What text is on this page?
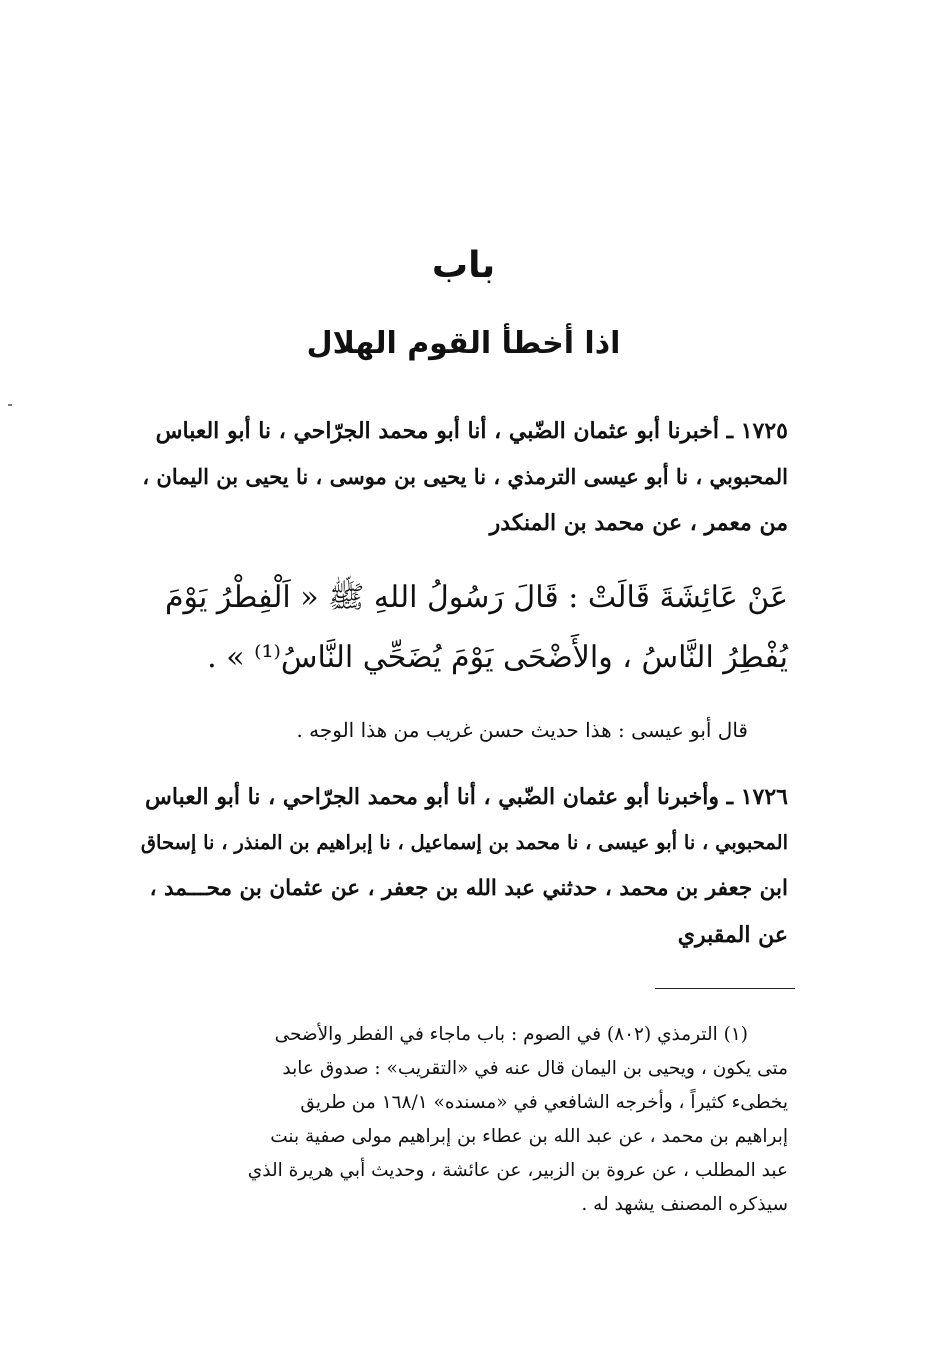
باب
اذا أخطأ القوم الهلال
١٧٢٥ ـ أخبرنا أبو عثمان الضّبي ، أنا أبو محمد الجرّاحي ، نا أبو العباس
المحبوبي ، نا أبو عيسى الترمذي ، نا يحيى بن موسى ، نا يحيى بن اليمان ،
من معمر ، عن محمد بن المنكدر
عَنْ عَائِشَةَ قَالَتْ : قَالَ رَسُولُ اللهِ ﷺ « اَلْفِطْرُ يَوْمَ
يُفْطِرُ النَّاسُ ، والأَضْحَى يَوْمَ يُضَحِّي النَّاسُ⁽¹⁾ » .
قال أبو عيسى : هذا حديث حسن غريب من هذا الوجه .
١٧٢٦ ـ وأخبرنا أبو عثمان الضّبي ، أنا أبو محمد الجرّاحي ، نا أبو العباس
المحبوبي ، نا أبو عيسى ، نا محمد بن إسماعيل ، نا إبراهيم بن المنذر ، نا إسحاق
ابن جعفر بن محمد ، حدثني عبد الله بن جعفر ، عن عثمان بن محـــمد ،
عن المقبري
(١) الترمذي (٨٠٢) في الصوم : باب ماجاء في الفطر والأضحى
متى يكون ، ويحيى بن اليمان قال عنه في «التقريب» : صدوق عابد
يخطىء كثيراً ، وأخرجه الشافعي في «مسنده» ١٦٨/١ من طريق
إبراهيم بن محمد ، عن عبد الله بن عطاء بن إبراهيم مولى صفية بنت
عبد المطلب ، عن عروة بن الزبير، عن عائشة ، وحديث أبي هريرة الذي
سيذكره المصنف يشهد له .
